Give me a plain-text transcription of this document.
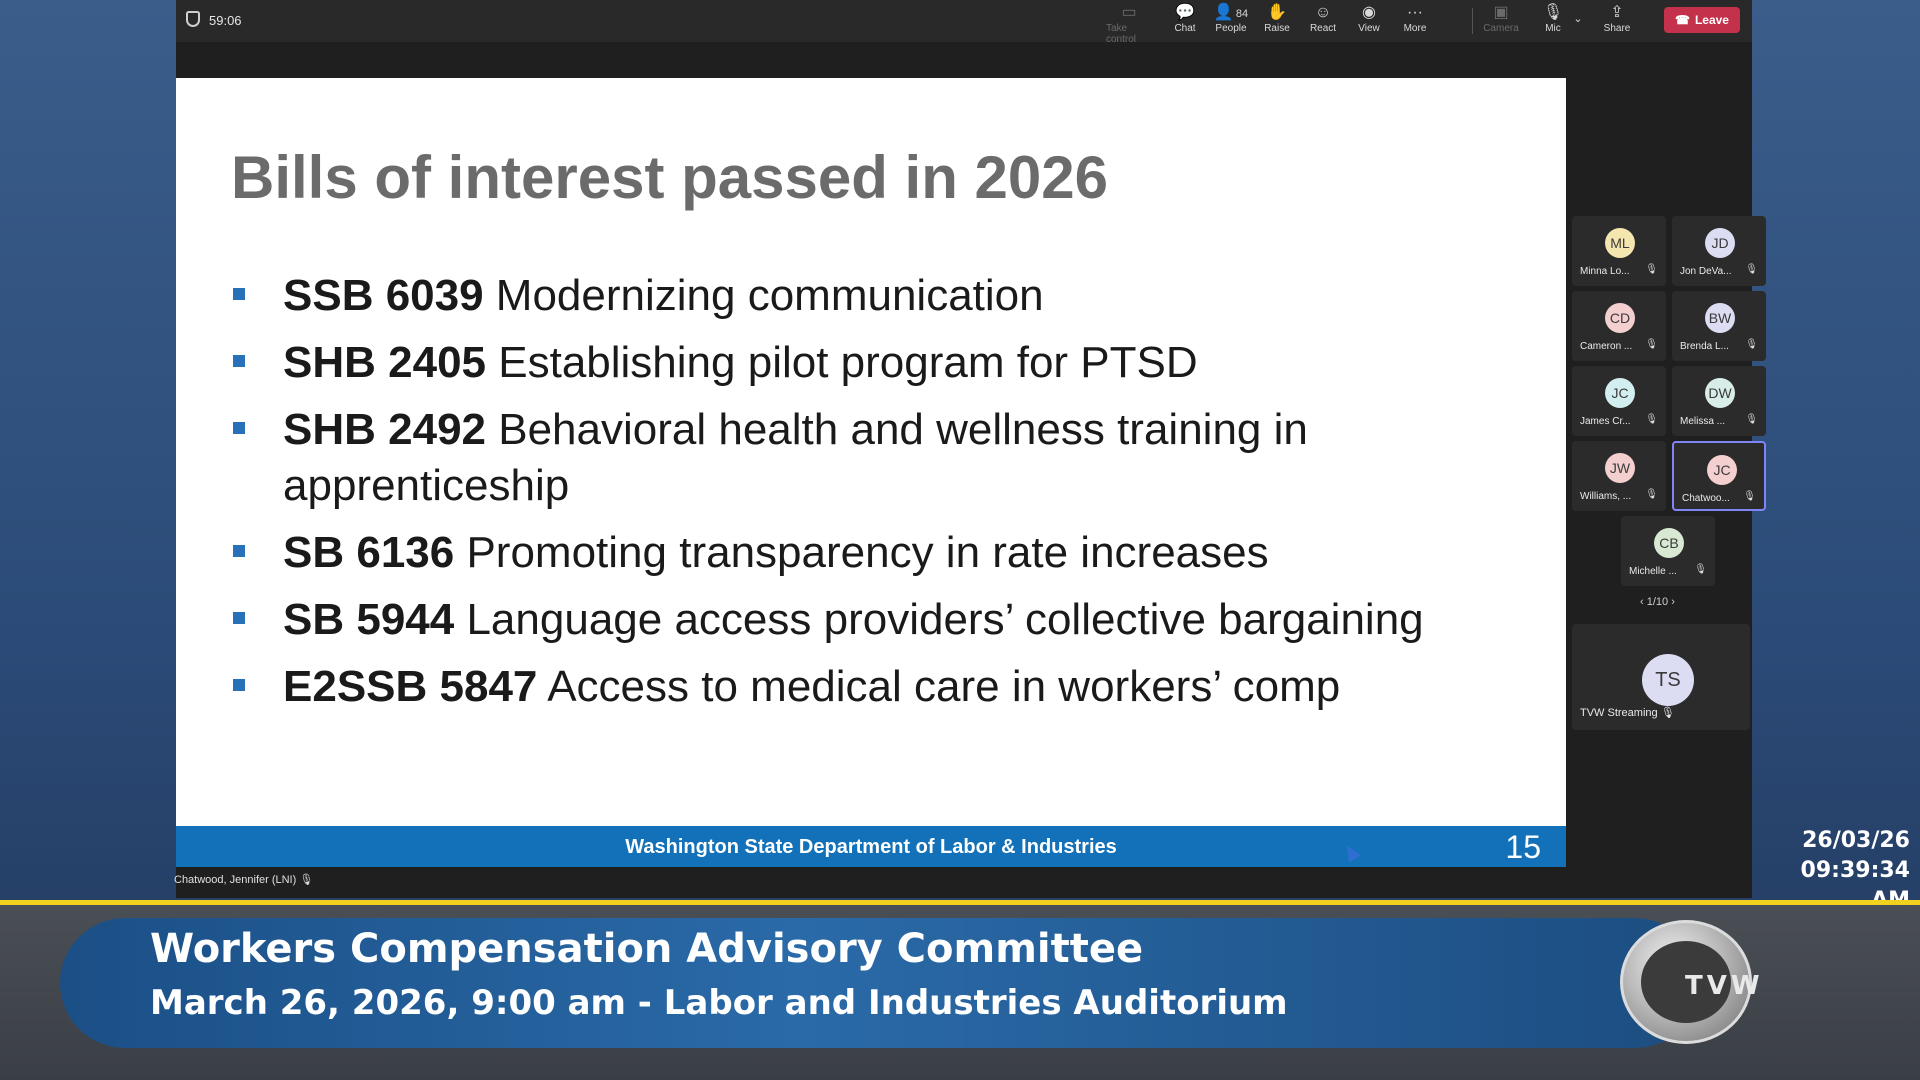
59:06	▭
Take control
💬
Chat
👤 84
People
✋
Raise
☺
React
◉
View
···
More
▣
Camera
🎙
Mic
⌄	⇪
Share
☎ Leave
Bills of interest passed in 2026
SSB 6039 Modernizing communication
SHB 2405 Establishing pilot program for PTSD
SHB 2492 Behavioral health and wellness training in apprenticeship
SB 6136 Promoting transparency in rate increases
SB 5944 Language access providers’ collective bargaining
E2SSB 5847 Access to medical care in workers’ comp
Washington State Department of Labor & Industries	15
Chatwood, Jennifer (LNI) 🎙
ML
Minna Lo... 🎙
JD
Jon DeVa... 🎙
CD
Cameron ... 🎙
BW
Brenda L... 🎙
JC
James Cr... 🎙
DW
Melissa ... 🎙
JW
Williams, ... 🎙
JC
Chatwoo... 🎙
CB
Michelle ... 🎙
‹ 1/10 ›
TS
TVW Streaming 🎙
26/03/26
09:39:34
Workers Compensation Advisory Committee
March 26, 2026, 9:00 am - Labor and Industries Auditorium	TVW
